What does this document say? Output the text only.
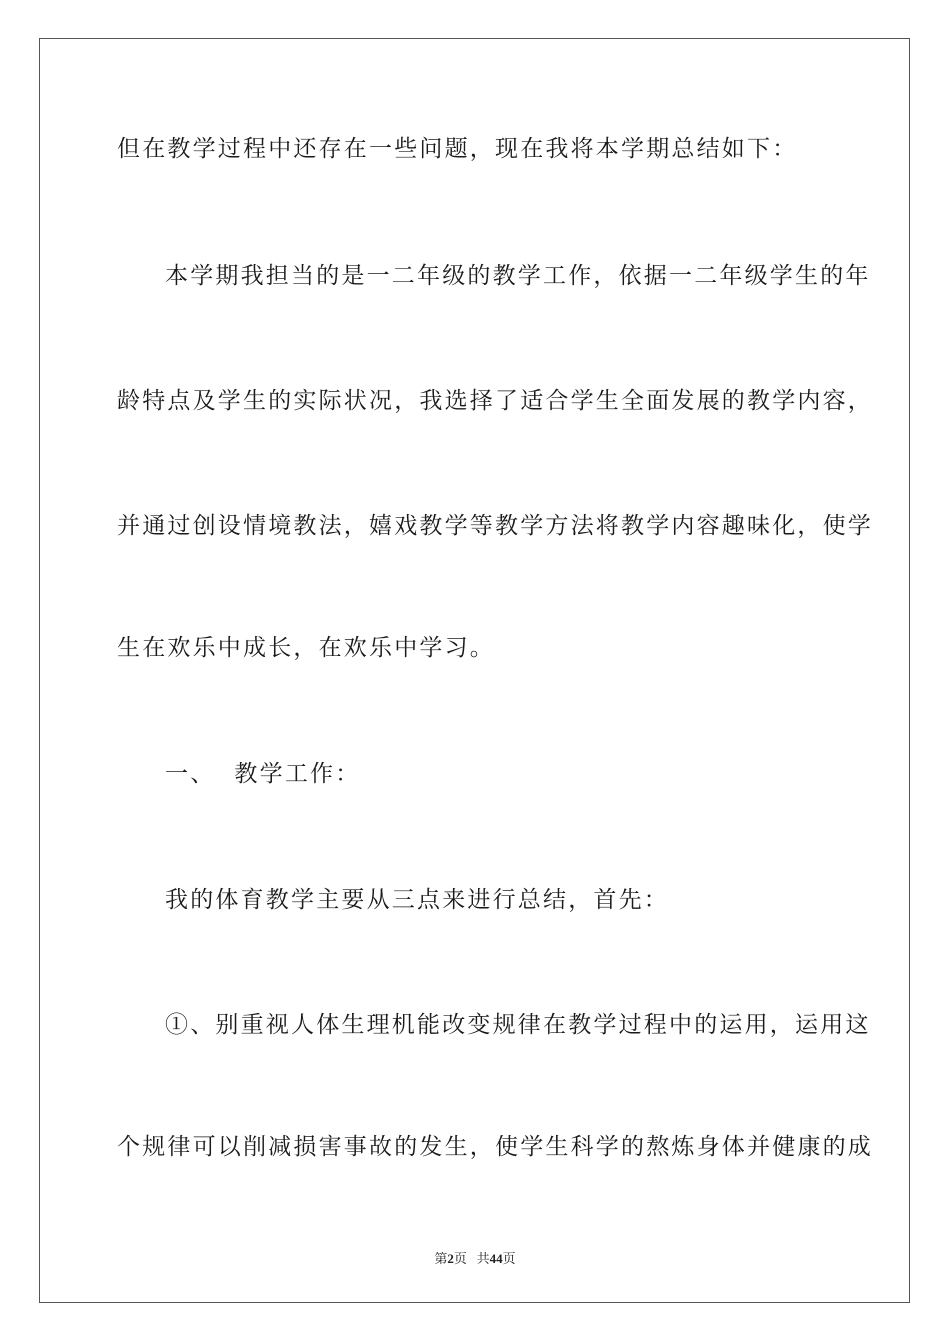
但在教学过程中还存在一些问题，现在我将本学期总结如下：
本学期我担当的是一二年级的教学工作，依据一二年级学生的年
龄特点及学生的实际状况，我选择了适合学生全面发展的教学内容，
并通过创设情境教法，嬉戏教学等教学方法将教学内容趣味化，使学
生在欢乐中成长，在欢乐中学习。
一、  教学工作：
我的体育教学主要从三点来进行总结，首先：
①、别重视人体生理机能改变规律在教学过程中的运用，运用这
个规律可以削减损害事故的发生，使学生科学的熬炼身体并健康的成
第2页 共44页
